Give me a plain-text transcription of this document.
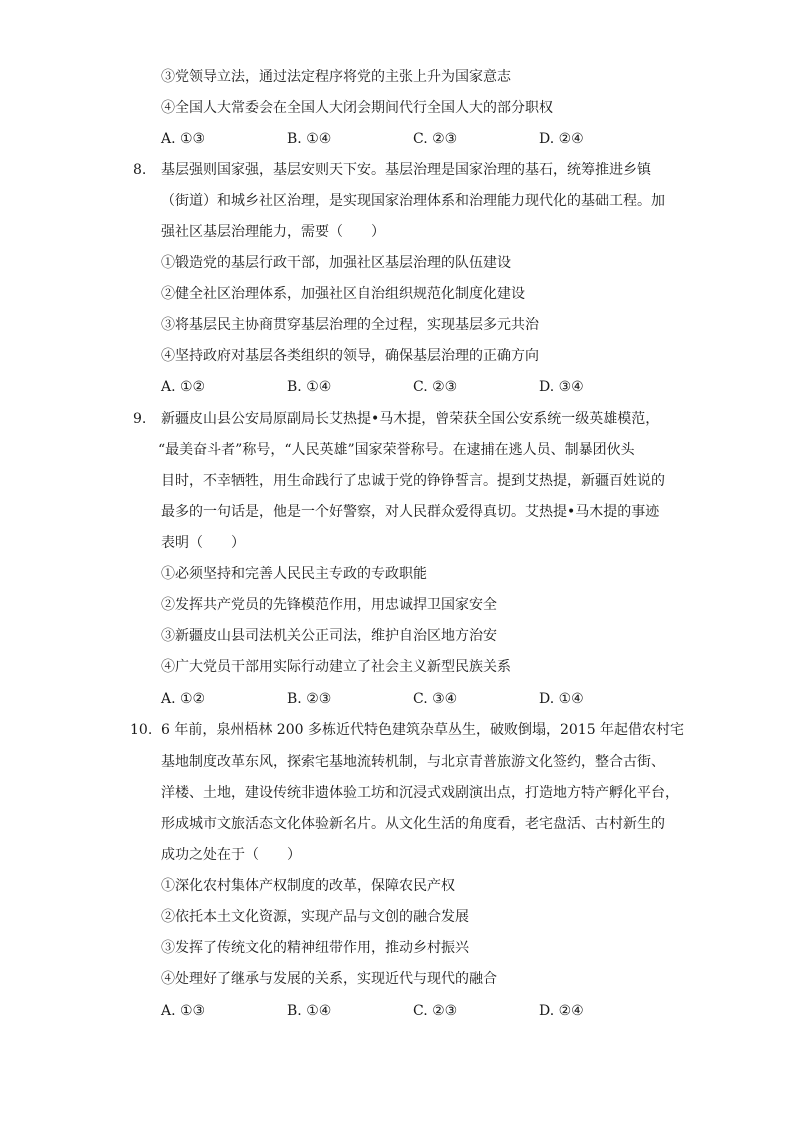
③党领导立法，通过法定程序将党的主张上升为国家意志
④全国人大常委会在全国人大闭会期间代行全国人大的部分职权
A. ①③	B. ①④	C. ②③	D. ②④
8. 基层强则国家强，基层安则天下安。基层治理是国家治理的基石，统筹推进乡镇
（街道）和城乡社区治理，是实现国家治理体系和治理能力现代化的基础工程。加
强社区基层治理能力，需要（　　）
①锻造党的基层行政干部，加强社区基层治理的队伍建设
②健全社区治理体系，加强社区自治组织规范化制度化建设
③将基层民主协商贯穿基层治理的全过程，实现基层多元共治
④坚持政府对基层各类组织的领导，确保基层治理的正确方向
A. ①②	B. ①④	C. ②③	D. ③④
9. 新疆皮山县公安局原副局长艾热提•马木提，曾荣获全国公安系统一级英雄模范，
“最美奋斗者”称号，“人民英雄”国家荣誉称号。在逮捕在逃人员、制暴团伙头
目时，不幸牺牲，用生命践行了忠诚于党的铮铮誓言。提到艾热提，新疆百姓说的
最多的一句话是，他是一个好警察，对人民群众爱得真切。艾热提•马木提的事迹
表明（　　）
①必须坚持和完善人民民主专政的专政职能
②发挥共产党员的先锋模范作用，用忠诚捍卫国家安全
③新疆皮山县司法机关公正司法，维护自治区地方治安
④广大党员干部用实际行动建立了社会主义新型民族关系
A. ①②	B. ②③	C. ③④	D. ①④
10. 6 年前，泉州梧林 200 多栋近代特色建筑杂草丛生，破败倒塌，2015 年起借农村宅
基地制度改革东风，探索宅基地流转机制，与北京青普旅游文化签约，整合古街、
洋楼、土地，建设传统非遗体验工坊和沉浸式戏剧演出点，打造地方特产孵化平台，
形成城市文旅活态文化体验新名片。从文化生活的角度看，老宅盘活、古村新生的
成功之处在于（　　）
①深化农村集体产权制度的改革，保障农民产权
②依托本土文化资源，实现产品与文创的融合发展
③发挥了传统文化的精神纽带作用，推动乡村振兴
④处理好了继承与发展的关系，实现近代与现代的融合
A. ①③	B. ①④	C. ②③	D. ②④
